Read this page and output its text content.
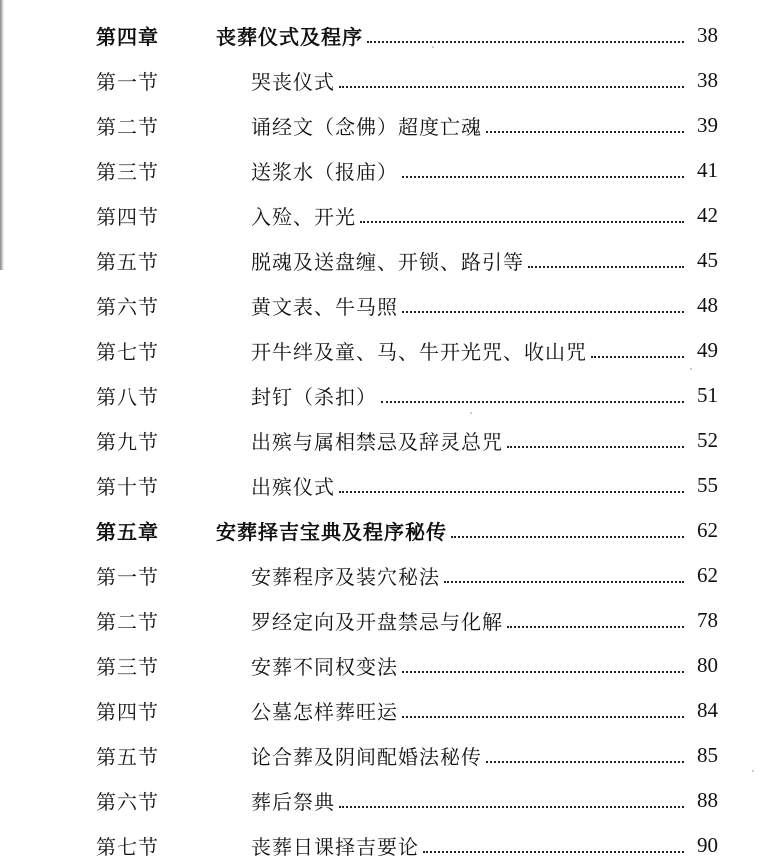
第四章	丧葬仪式及程序	38
第一节	哭丧仪式	38
第二节	诵经文（念佛）超度亡魂	39
第三节	送浆水（报庙）	41
第四节	入殓、开光	42
第五节	脱魂及送盘缠、开锁、路引等	45
第六节	黄文表、牛马照	48
第七节	开牛绊及童、马、牛开光咒、收山咒	49
第八节	封钉（杀扣）	51
第九节	出殡与属相禁忌及辞灵总咒	52
第十节	出殡仪式	55
第五章	安葬择吉宝典及程序秘传	62
第一节	安葬程序及装穴秘法	62
第二节	罗经定向及开盘禁忌与化解	78
第三节	安葬不同权变法	80
第四节	公墓怎样葬旺运	84
第五节	论合葬及阴间配婚法秘传	85
第六节	葬后祭典	88
第七节	丧葬日课择吉要论	90
